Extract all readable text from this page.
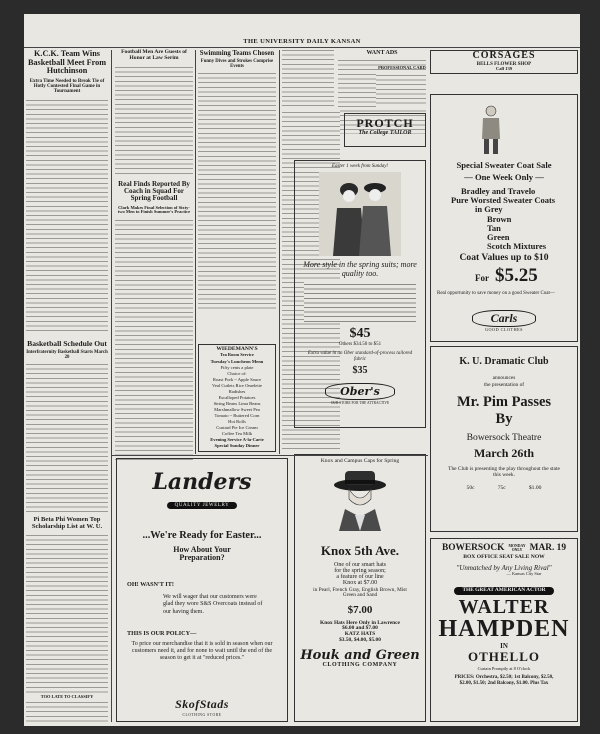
THE UNIVERSITY DAILY KANSAN
K.C.K. Team Wins Basketball Meet From Hutchinson
Extra Time Needed to Break Tie of Hotly Contested Final Game in Tournament
Basketball Schedule Out
Interfraternity Basketball Starts March 20
Pi Beta Phi Women Top Scholarship List at W. U.
TOO LATE TO CLASSIFY
Football Men Are Guests of Honor at Law Serim
Real Finds Reported By Coach in Squad For Spring Football
Clark Makes Final Selection of Sixty-two Men to Finish Summer's Practice
Swimming Teams Chosen
Funny Dives and Strokes Comprise Events
WIEDEMANN'S
Tea Room Service
Tuesday's Luncheon Menu
Fifty cents a plate
Choice of:
Roast Pork ~ Apple Sauce
Veal Cutlets Rice Omelette
Radishes
Escalloped Potatoes
String Beans Lima Beans
Marshmallow Sweet Pea
Tomato ~ Buttered Corn
Hot Rolls
Custard Pie Ice Cream
Coffee Tea Milk
Evening Service A-la-Carte
Special Sunday Dinner
WANT ADS
PROTCH
The College TAILOR
Easter 1 week from Sunday!
More style in the spring suits; more quality too.
$45
Others $34.50 to $51
Extra value in an Ober standard-of-process tailored fabric
$35
Ober's
OUR STORE FOR THE ATTRACTIVE
PROFESSIONAL CARD
CORSAGES
BELLS FLOWER SHOP
Call 139
Special Sweater Coat Sale
— One Week Only —
Bradley and Travelo
Pure Worsted Sweater Coats
in Grey
Brown
Tan
Green
Scotch Mixtures
Coat Values up to $10
For $5.25
Real opportunity to save money on a good Sweater Coat—
Carls
GOOD CLOTHES
K. U. Dramatic Club
announces
the presentation of
Mr. Pim Passes
By
Bowersock Theatre
March 26th
The Club is presenting the play throughout the state this week.
50c	75c	$1.00
BOWERSOCK MONDAY
ONLY MAR. 19
BOX OFFICE SEAT SALE NOW
"Unmatched by Any Living Rival"
— Kansas City Star
THE GREAT AMERICAN ACTOR
WALTER
HAMPDEN
IN
OTHELLO
Curtain Promptly at 8 O'clock
PRICES: Orchestra, $2.50; 1st Balcony, $2.50,
$2.00, $1.50; 2nd Balcony, $1.00. Plus Tax
Landers
QUALITY JEWELRY
...We're Ready for Easter...
How About Your Preparation?
OH! WASN'T IT!
We will wager that our customers were glad they wore S&S Overcoats instead of our having them.
THIS IS OUR POLICY—
To price our merchandise that it is sold in season when our customers need it, and for none to wait until the end of the season to get it at "reduced prices."
SkofStads
CLOTHING STORE
Knox and Campus Caps for Spring
Knox 5th Ave.
One of our smart hats
for the spring season;
a feature of our line
Knox at $7.00
in Pearl, French Gray, English Brown, Mist Green and Sand
$7.00
Knox Hats Here Only in Lawrence
$6.00 and $7.00
KATZ HATS
$3.50, $4.00, $5.00
Houk and Green
CLOTHING COMPANY
